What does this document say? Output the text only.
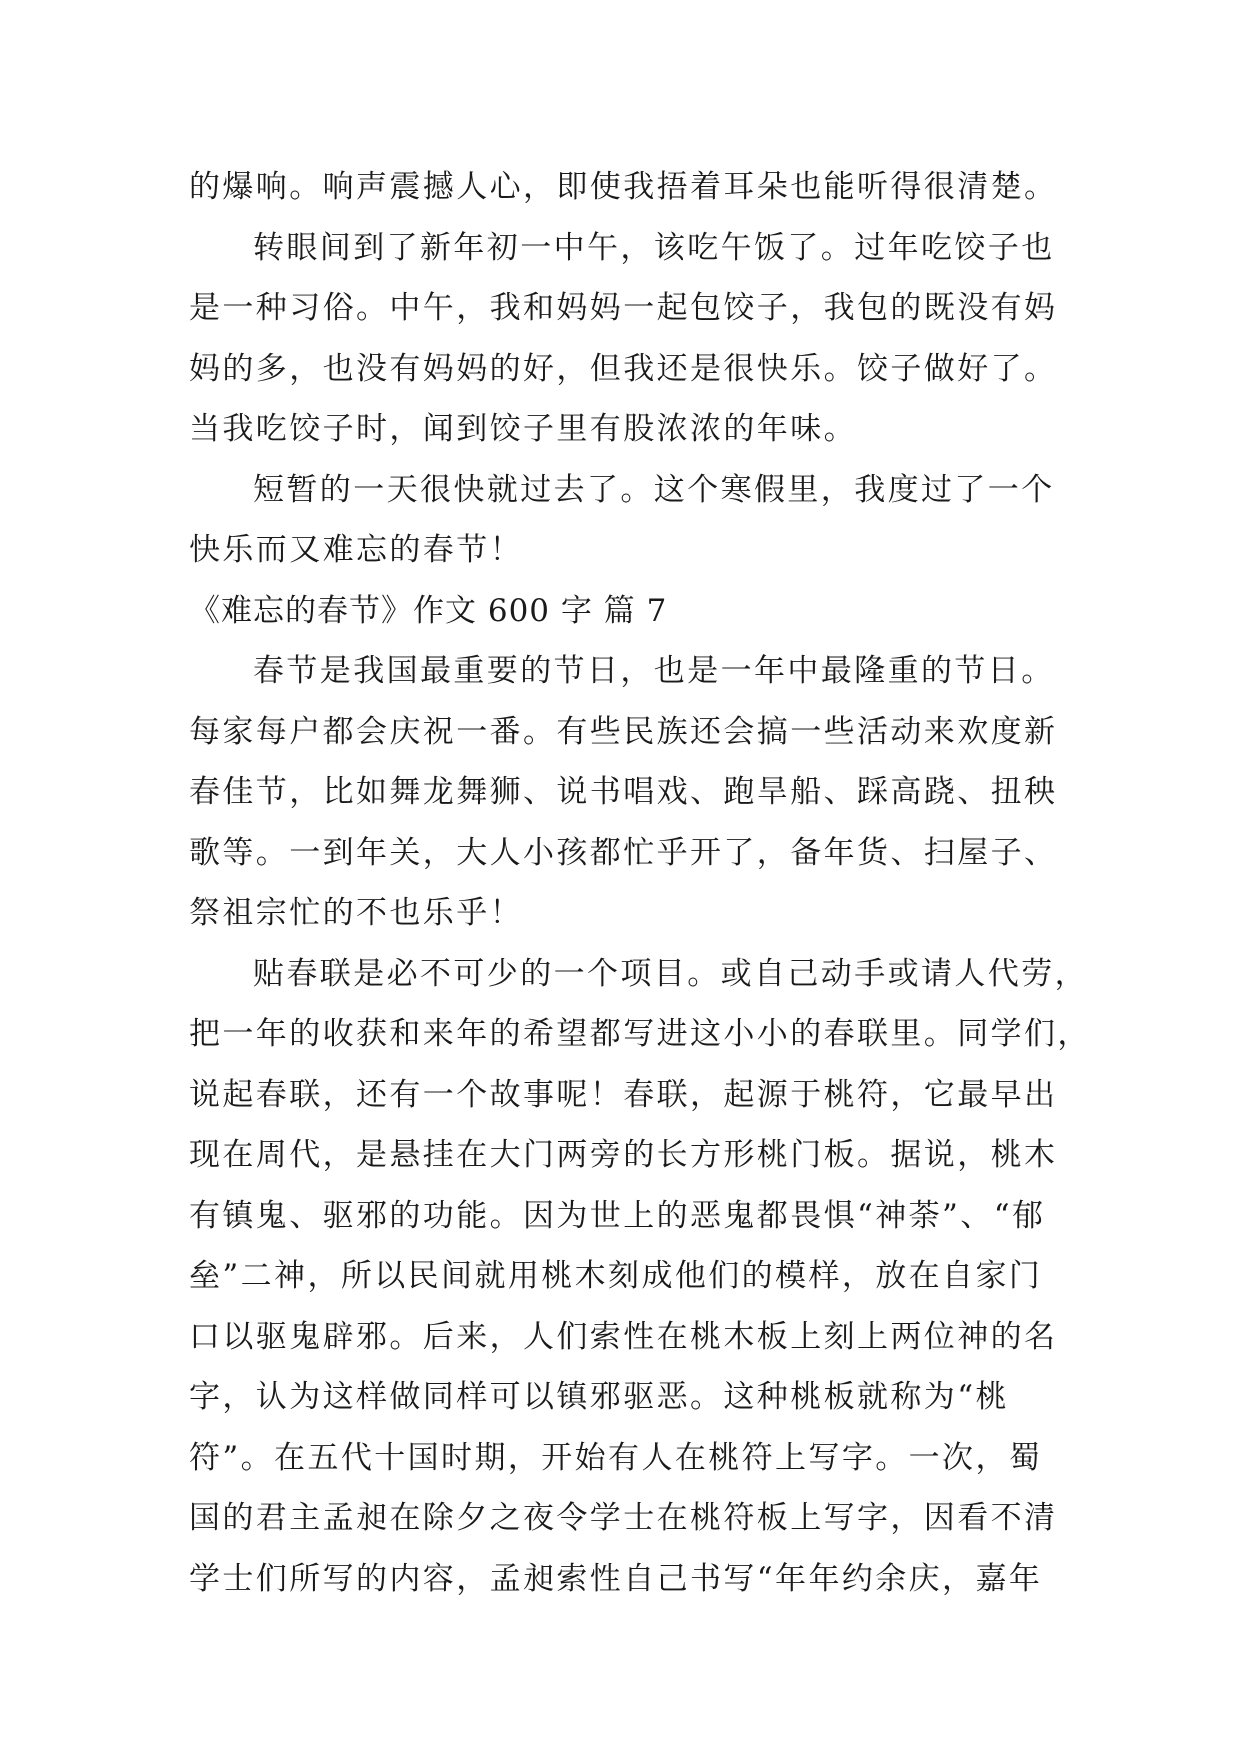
的爆响。响声震撼人心，即使我捂着耳朵也能听得很清楚。
转眼间到了新年初一中午，该吃午饭了。过年吃饺子也
是一种习俗。中午，我和妈妈一起包饺子，我包的既没有妈
妈的多，也没有妈妈的好，但我还是很快乐。饺子做好了。
当我吃饺子时，闻到饺子里有股浓浓的年味。
短暂的一天很快就过去了。这个寒假里，我度过了一个
快乐而又难忘的春节！
《难忘的春节》作文 600 字 篇 7
春节是我国最重要的节日，也是一年中最隆重的节日。
每家每户都会庆祝一番。有些民族还会搞一些活动来欢度新
春佳节，比如舞龙舞狮、说书唱戏、跑旱船、踩高跷、扭秧
歌等。一到年关，大人小孩都忙乎开了，备年货、扫屋子、
祭祖宗忙的不也乐乎！
贴春联是必不可少的一个项目。或自己动手或请人代劳，
把一年的收获和来年的希望都写进这小小的春联里。同学们，
说起春联，还有一个故事呢！春联，起源于桃符，它最早出
现在周代，是悬挂在大门两旁的长方形桃门板。据说，桃木
有镇鬼、驱邪的功能。因为世上的恶鬼都畏惧“神荼”、“郁
垒”二神，所以民间就用桃木刻成他们的模样，放在自家门
口以驱鬼辟邪。后来，人们索性在桃木板上刻上两位神的名
字，认为这样做同样可以镇邪驱恶。这种桃板就称为“桃
符”。在五代十国时期，开始有人在桃符上写字。一次，蜀
国的君主孟昶在除夕之夜令学士在桃符板上写字，因看不清
学士们所写的内容，孟昶索性自己书写“年年约余庆，嘉年
